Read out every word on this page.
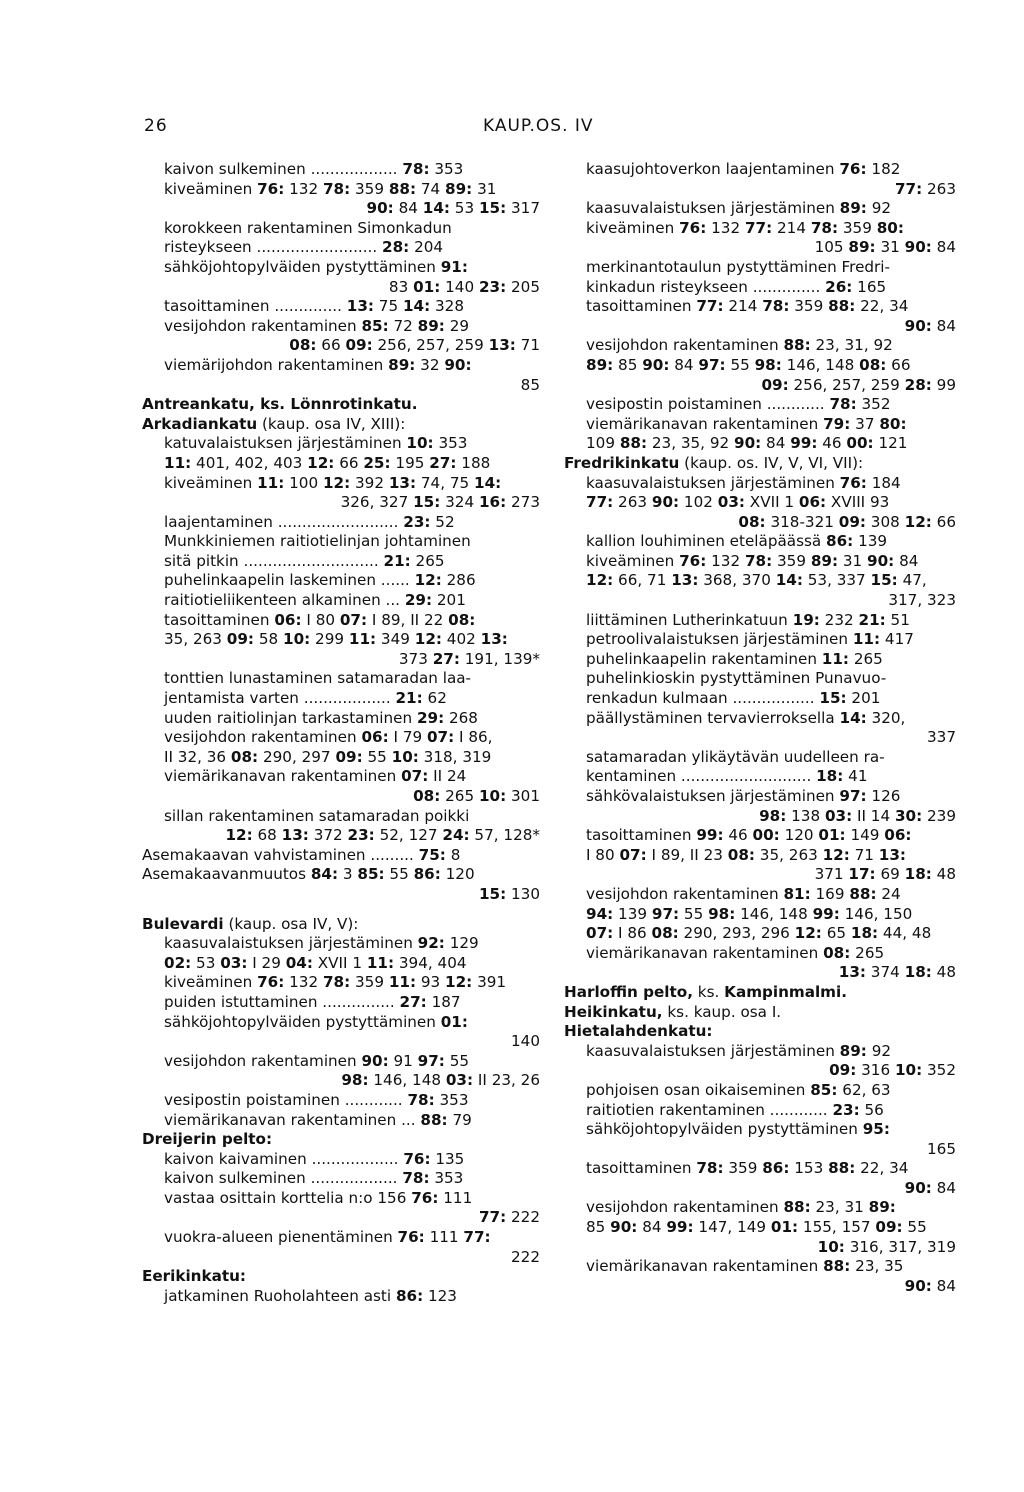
26	KAUP.OS. IV
kaivon sulkeminen .................. 78: 353
kiveäminen 76: 132 78: 359 88: 74 89: 31
90: 84 14: 53 15: 317
korokkeen rakentaminen Simonkadun
risteykseen ......................... 28: 204
sähköjohtopylväiden pystyttäminen 91:
83 01: 140 23: 205
tasoittaminen .............. 13: 75 14: 328
vesijohdon rakentaminen 85: 72 89: 29
08: 66 09: 256, 257, 259 13: 71
viemärijohdon rakentaminen 89: 32 90:
85
Antreankatu, ks. Lönnrotinkatu.
Arkadiankatu (kaup. osa IV, XIII):
katuvalaistuksen järjestäminen 10: 353
11: 401, 402, 403 12: 66 25: 195 27: 188
kiveäminen 11: 100 12: 392 13: 74, 75 14:
326, 327 15: 324 16: 273
laajentaminen ......................... 23: 52
Munkkiniemen raitiotielinjan johtaminen
sitä pitkin ............................ 21: 265
puhelinkaapelin laskeminen ...... 12: 286
raitiotieliikenteen alkaminen ... 29: 201
tasoittaminen 06: I 80 07: I 89, II 22 08:
35, 263 09: 58 10: 299 11: 349 12: 402 13:
373 27: 191, 139*
tonttien lunastaminen satamaradan laa-
jentamista varten .................. 21: 62
uuden raitiolinjan tarkastaminen 29: 268
vesijohdon rakentaminen 06: I 79 07: I 86,
II 32, 36 08: 290, 297 09: 55 10: 318, 319
viemärikanavan rakentaminen 07: II 24
08: 265 10: 301
sillan rakentaminen satamaradan poikki
12: 68 13: 372 23: 52, 127 24: 57, 128*
Asemakaavan vahvistaminen ......... 75: 8
Asemakaavanmuutos 84: 3 85: 55 86: 120
15: 130
Bulevardi (kaup. osa IV, V):
kaasuvalaistuksen järjestäminen 92: 129
02: 53 03: I 29 04: XVII 1 11: 394, 404
kiveäminen 76: 132 78: 359 11: 93 12: 391
puiden istuttaminen ............... 27: 187
sähköjohtopylväiden pystyttäminen 01:
140
vesijohdon rakentaminen 90: 91 97: 55
98: 146, 148 03: II 23, 26
vesipostin poistaminen ............ 78: 353
viemärikanavan rakentaminen ... 88: 79
Dreijerin pelto:
kaivon kaivaminen .................. 76: 135
kaivon sulkeminen .................. 78: 353
vastaa osittain korttelia n:o 156 76: 111
77: 222
vuokra-alueen pienentäminen 76: 111 77:
222
Eerikinkatu:
jatkaminen Ruoholahteen asti 86: 123
kaasujohtoverkon laajentaminen 76: 182
77: 263
kaasuvalaistuksen järjestäminen 89: 92
kiveäminen 76: 132 77: 214 78: 359 80:
105 89: 31 90: 84
merkinantotaulun pystyttäminen Fredri-
kinkadun risteykseen .............. 26: 165
tasoittaminen 77: 214 78: 359 88: 22, 34
90: 84
vesijohdon rakentaminen 88: 23, 31, 92
89: 85 90: 84 97: 55 98: 146, 148 08: 66
09: 256, 257, 259 28: 99
vesipostin poistaminen ............ 78: 352
viemärikanavan rakentaminen 79: 37 80:
109 88: 23, 35, 92 90: 84 99: 46 00: 121
Fredrikinkatu (kaup. os. IV, V, VI, VII):
kaasuvalaistuksen järjestäminen 76: 184
77: 263 90: 102 03: XVII 1 06: XVIII 93
08: 318-321 09: 308 12: 66
kallion louhiminen eteläpäässä 86: 139
kiveäminen 76: 132 78: 359 89: 31 90: 84
12: 66, 71 13: 368, 370 14: 53, 337 15: 47,
317, 323
liittäminen Lutherinkatuun 19: 232 21: 51
petroolivalaistuksen järjestäminen 11: 417
puhelinkaapelin rakentaminen 11: 265
puhelinkioskin pystyttäminen Punavuo-
renkadun kulmaan ................. 15: 201
päällystäminen tervavierroksella 14: 320,
337
satamaradan ylikäytävän uudelleen ra-
kentaminen ........................... 18: 41
sähkövalaistuksen järjestäminen 97: 126
98: 138 03: II 14 30: 239
tasoittaminen 99: 46 00: 120 01: 149 06:
I 80 07: I 89, II 23 08: 35, 263 12: 71 13:
371 17: 69 18: 48
vesijohdon rakentaminen 81: 169 88: 24
94: 139 97: 55 98: 146, 148 99: 146, 150
07: I 86 08: 290, 293, 296 12: 65 18: 44, 48
viemärikanavan rakentaminen 08: 265
13: 374 18: 48
Harloffin pelto, ks. Kampinmalmi.
Heikinkatu, ks. kaup. osa I.
Hietalahdenkatu:
kaasuvalaistuksen järjestäminen 89: 92
09: 316 10: 352
pohjoisen osan oikaiseminen 85: 62, 63
raitiotien rakentaminen ............ 23: 56
sähköjohtopylväiden pystyttäminen 95:
165
tasoittaminen 78: 359 86: 153 88: 22, 34
90: 84
vesijohdon rakentaminen 88: 23, 31 89:
85 90: 84 99: 147, 149 01: 155, 157 09: 55
10: 316, 317, 319
viemärikanavan rakentaminen 88: 23, 35
90: 84
